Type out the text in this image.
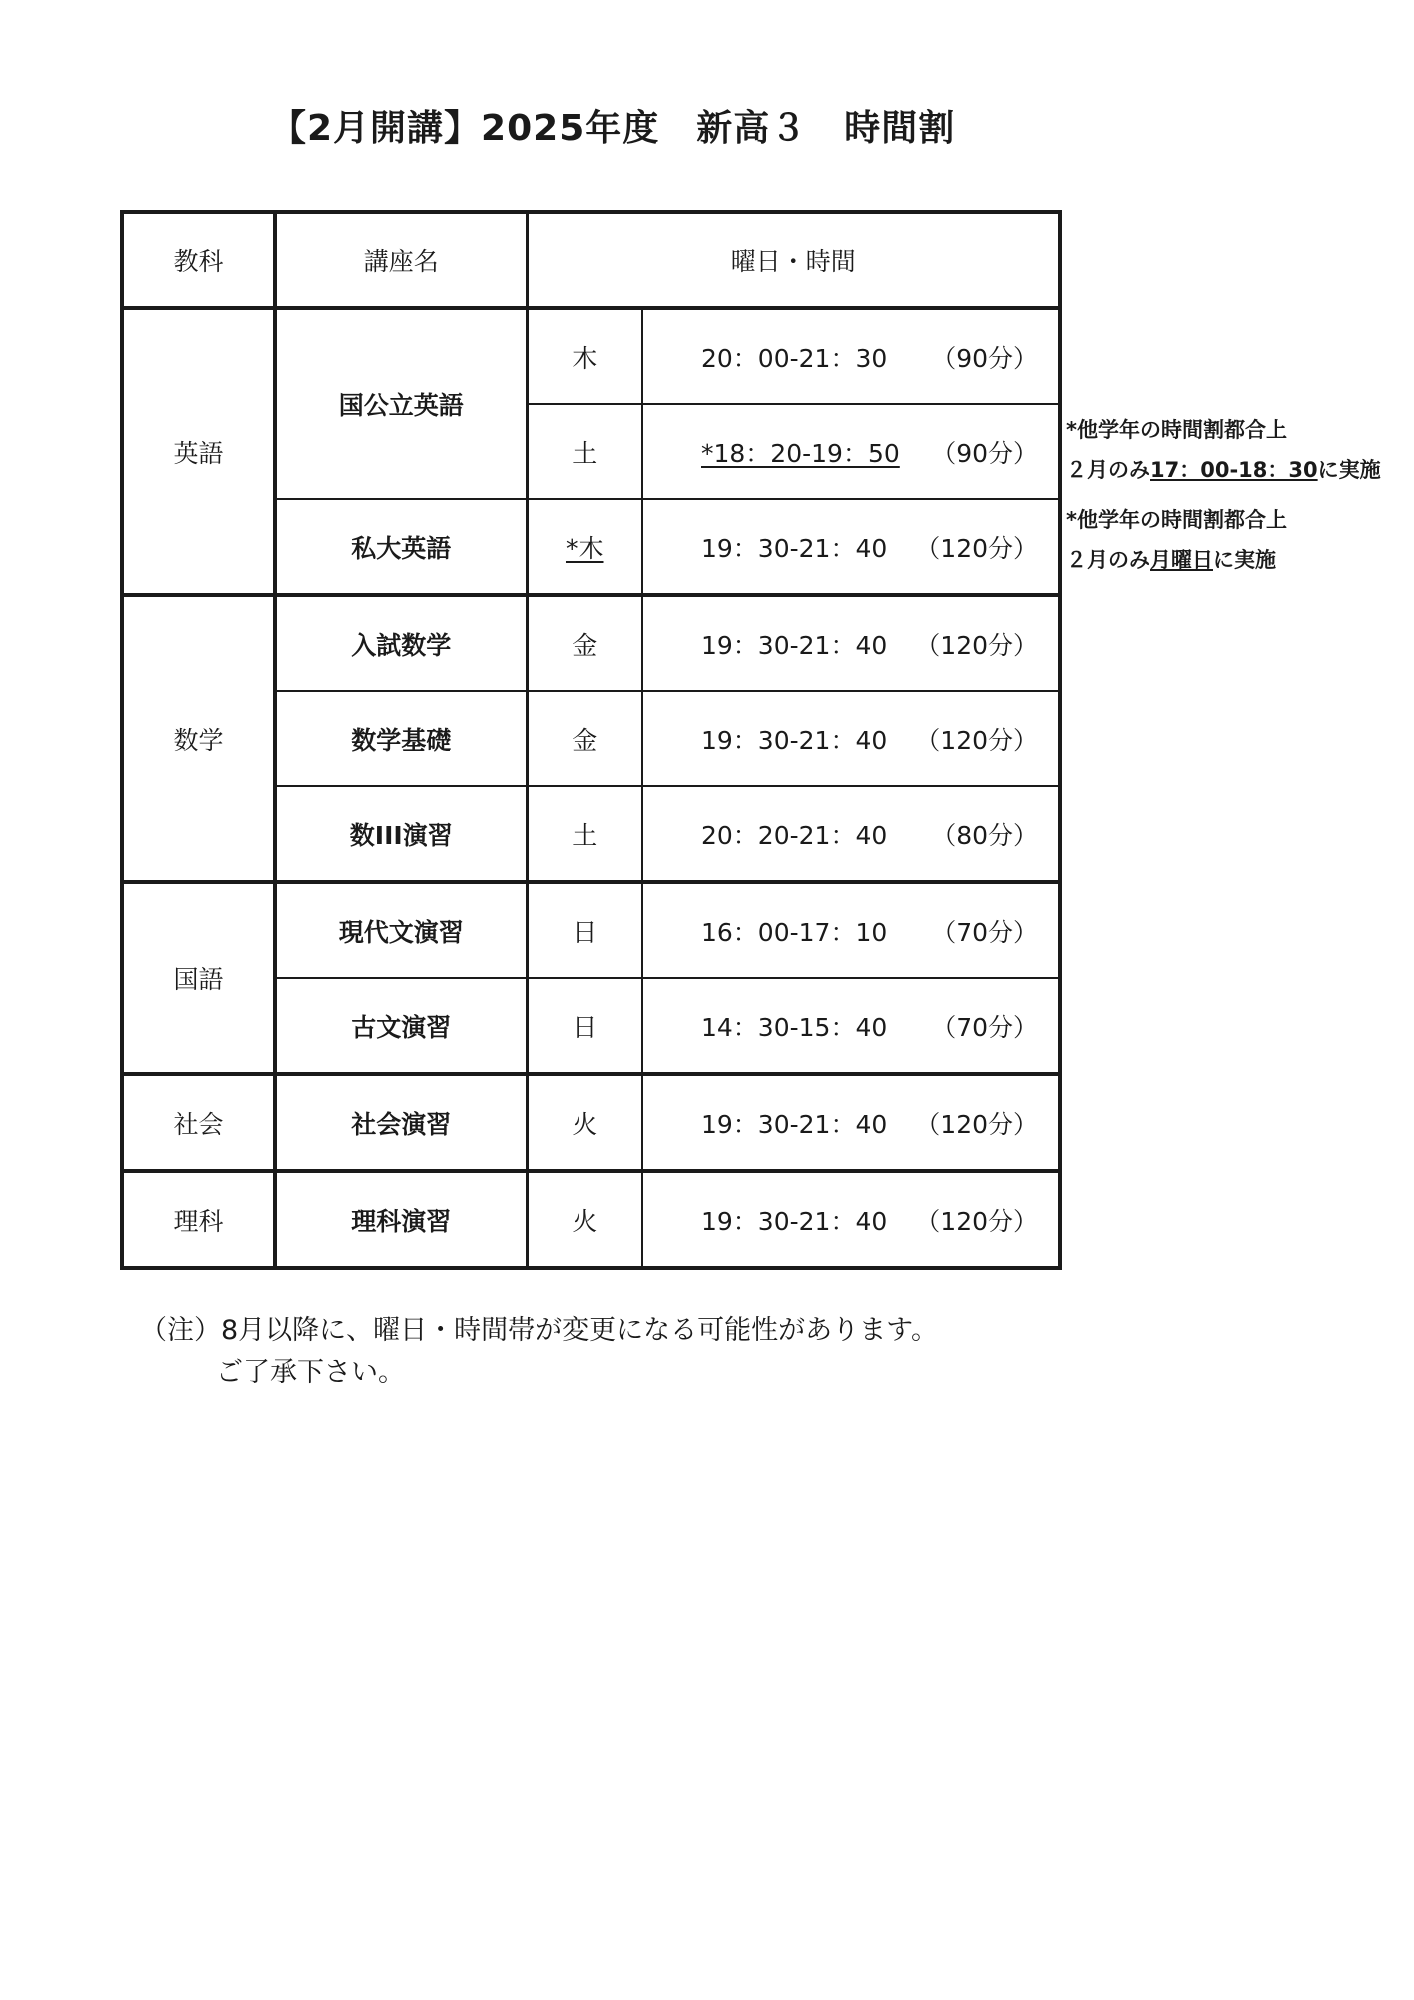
【2月開講】2025年度　新高３　時間割
教科	講座名	曜日・時間	
英語	国公立英語	木	20：00-21：30 （90分）

		土	*18：20-19：50 （90分）

	私大英語	*木	19：30-21：40 （120分）

数学	入試数学	金	19：30-21：40 （120分）

	数学基礎	金	19：30-21：40 （120分）

	数III演習	土	20：20-21：40 （80分）

国語	現代文演習	日	16：00-17：10 （70分）

	古文演習	日	14：30-15：40 （70分）

社会	社会演習	火	19：30-21：40 （120分）

理科	理科演習	火	19：30-21：40 （120分）
*他学年の時間割都合上
２月のみ17：00-18：30に実施
*他学年の時間割都合上
２月のみ月曜日に実施
（注）8月以降に、曜日・時間帯が変更になる可能性があります。
ご了承下さい。
